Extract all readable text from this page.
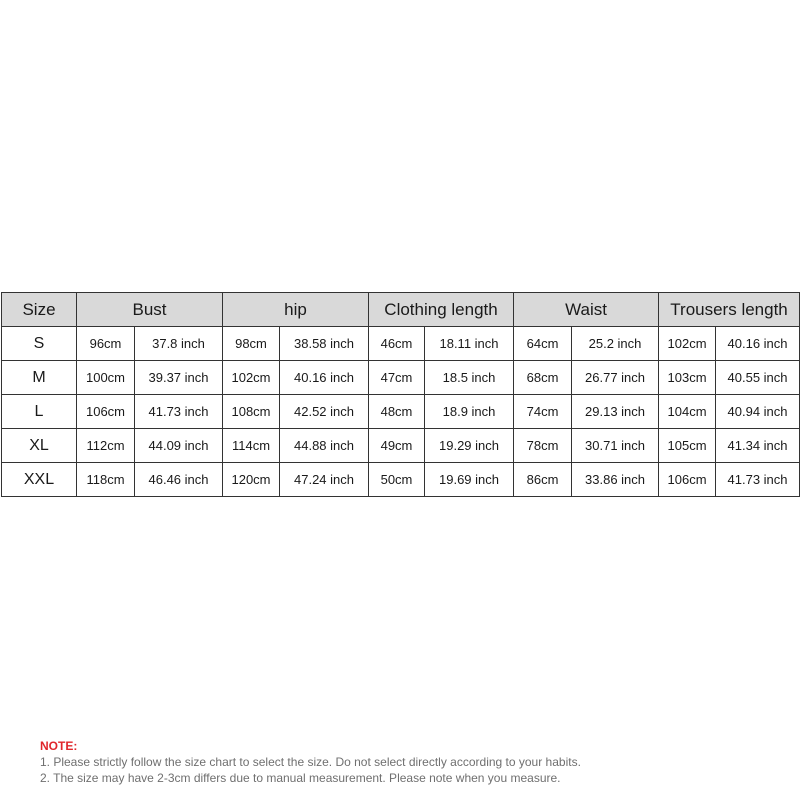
Size	Bust		hip		Clothing length		Waist		Trousers length	
S	96cm	37.8 inch	98cm	38.58 inch	46cm	18.11 inch	64cm	25.2 inch	102cm	40.16 inch
M	100cm	39.37 inch	102cm	40.16 inch	47cm	18.5 inch	68cm	26.77 inch	103cm	40.55 inch
L	106cm	41.73 inch	108cm	42.52 inch	48cm	18.9 inch	74cm	29.13 inch	104cm	40.94 inch
XL	112cm	44.09 inch	114cm	44.88 inch	49cm	19.29 inch	78cm	30.71 inch	105cm	41.34 inch
XXL	118cm	46.46 inch	120cm	47.24 inch	50cm	19.69 inch	86cm	33.86 inch	106cm	41.73 inch
NOTE:
1. Please strictly follow the size chart to select the size. Do not select directly according to your habits.
2. The size may have 2-3cm differs due to manual measurement. Please note when you measure.
